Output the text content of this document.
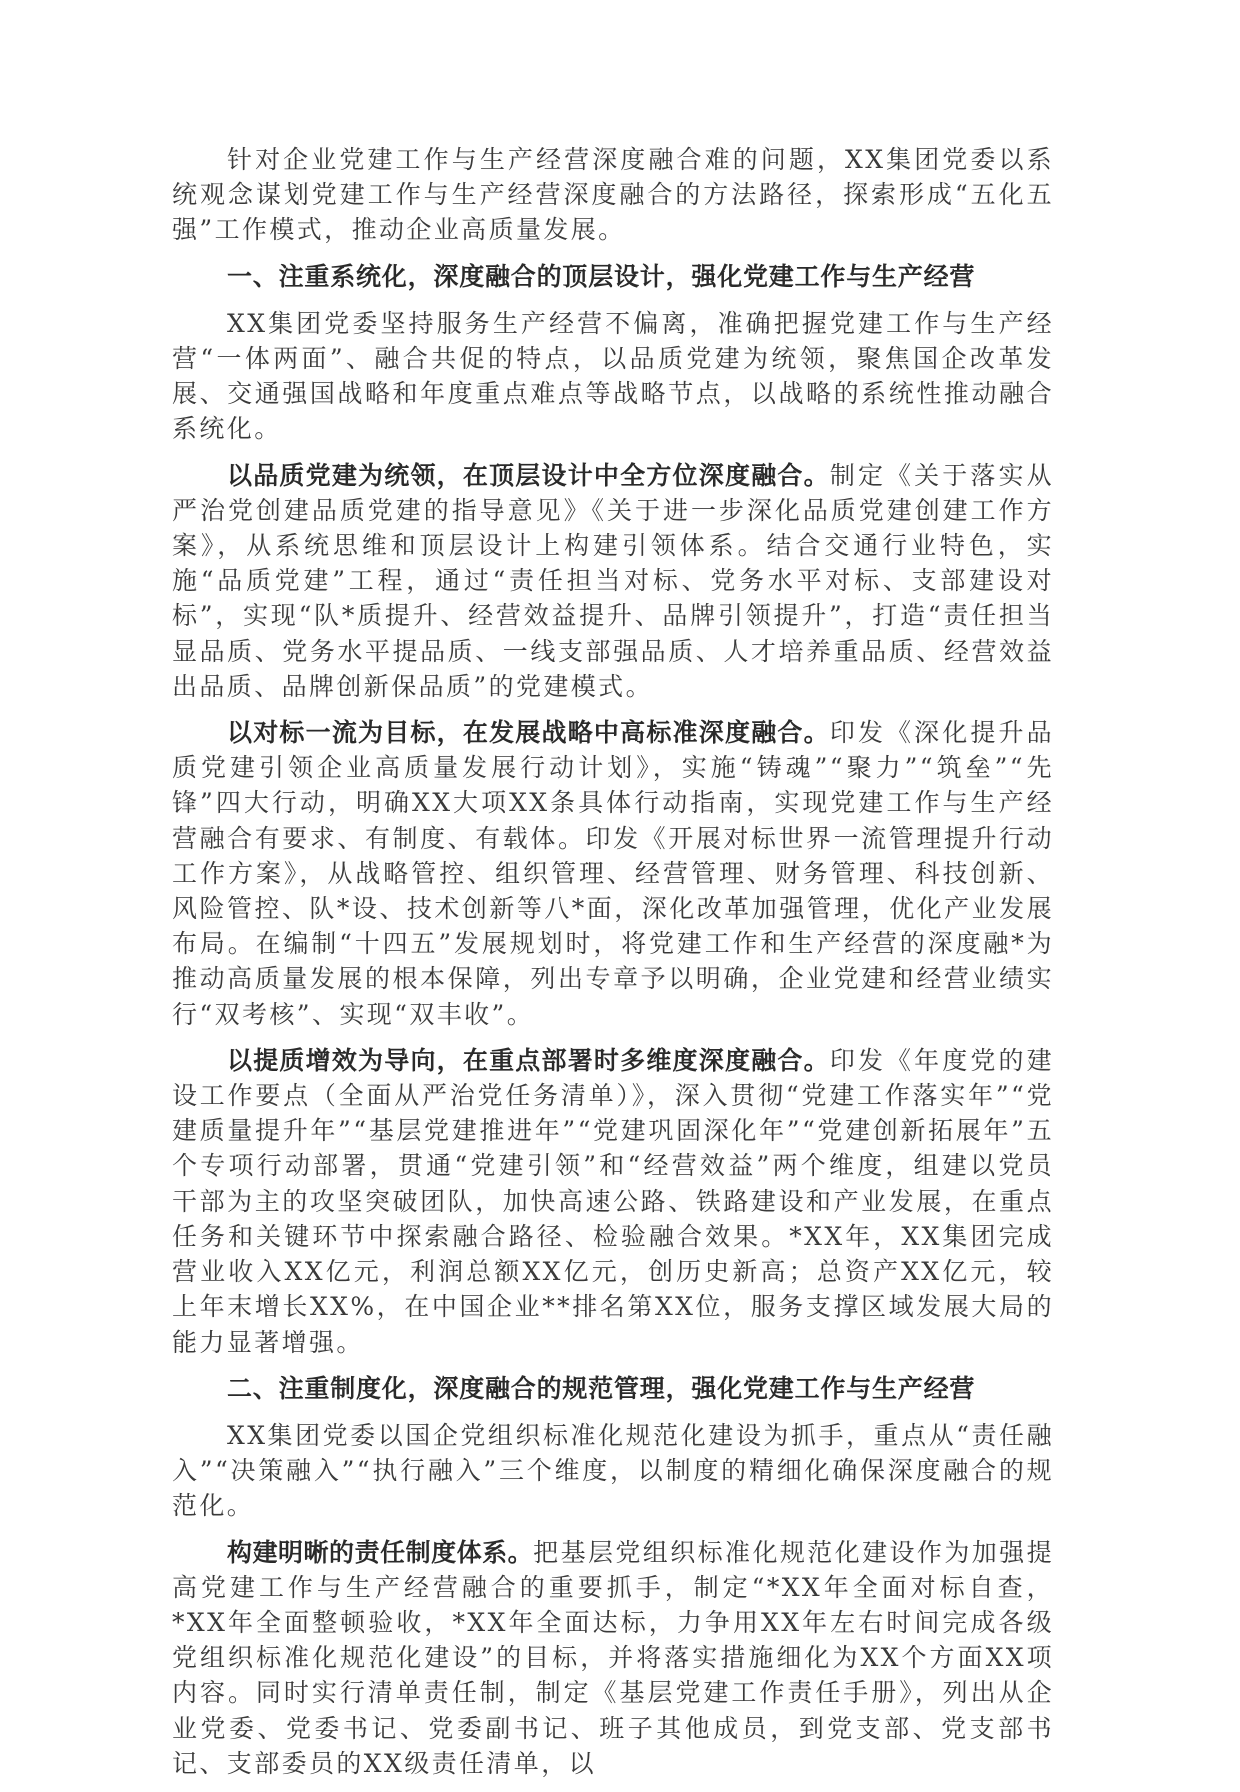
针对企业党建工作与生产经营深度融合难的问题，XX集团党委以系统观念谋划党建工作与生产经营深度融合的方法路径，探索形成“五化五强”工作模式，推动企业高质量发展。

一、注重系统化，深度融合的顶层设计，强化党建工作与生产经营

XX集团党委坚持服务生产经营不偏离，准确把握党建工作与生产经营“一体两面”、融合共促的特点，以品质党建为统领，聚焦国企改革发展、交通强国战略和年度重点难点等战略节点，以战略的系统性推动融合系统化。

以品质党建为统领，在顶层设计中全方位深度融合。制定《关于落实从严治党创建品质党建的指导意见》《关于进一步深化品质党建创建工作方案》，从系统思维和顶层设计上构建引领体系。结合交通行业特色，实施“品质党建”工程，通过“责任担当对标、党务水平对标、支部建设对标”，实现“队*质提升、经营效益提升、品牌引领提升”，打造“责任担当显品质、党务水平提品质、一线支部强品质、人才培养重品质、经营效益出品质、品牌创新保品质”的党建模式。

以对标一流为目标，在发展战略中高标准深度融合。印发《深化提升品质党建引领企业高质量发展行动计划》，实施“铸魂”“聚力”“筑垒”“先锋”四大行动，明确XX大项XX条具体行动指南，实现党建工作与生产经营融合有要求、有制度、有载体。印发《开展对标世界一流管理提升行动工作方案》，从战略管控、组织管理、经营管理、财务管理、科技创新、风险管控、队*设、技术创新等八*面，深化改革加强管理，优化产业发展布局。在编制“十四五”发展规划时，将党建工作和生产经营的深度融*为推动高质量发展的根本保障，列出专章予以明确，企业党建和经营业绩实行“双考核”、实现“双丰收”。

以提质增效为导向，在重点部署时多维度深度融合。印发《年度党的建设工作要点（全面从严治党任务清单）》，深入贯彻“党建工作落实年”“党建质量提升年”“基层党建推进年”“党建巩固深化年”“党建创新拓展年”五个专项行动部署，贯通“党建引领”和“经营效益”两个维度，组建以党员干部为主的攻坚突破团队，加快高速公路、铁路建设和产业发展，在重点任务和关键环节中探索融合路径、检验融合效果。*XX年，XX集团完成营业收入XX亿元，利润总额XX亿元，创历史新高；总资产XX亿元，较上年末增长XX%，在中国企业**排名第XX位，服务支撑区域发展大局的能力显著增强。

二、注重制度化，深度融合的规范管理，强化党建工作与生产经营

XX集团党委以国企党组织标准化规范化建设为抓手，重点从“责任融入”“决策融入”“执行融入”三个维度，以制度的精细化确保深度融合的规范化。

构建明晰的责任制度体系。把基层党组织标准化规范化建设作为加强提高党建工作与生产经营融合的重要抓手，制定“*XX年全面对标自查，*XX年全面整顿验收，*XX年全面达标，力争用XX年左右时间完成各级党组织标准化规范化建设”的目标，并将落实措施细化为XX个方面XX项内容。同时实行清单责任制，制定《基层党建工作责任手册》，列出从企业党委、党委书记、党委副书记、班子其他成员，到党支部、党支部书记、支部委员的XX级责任清单，以
